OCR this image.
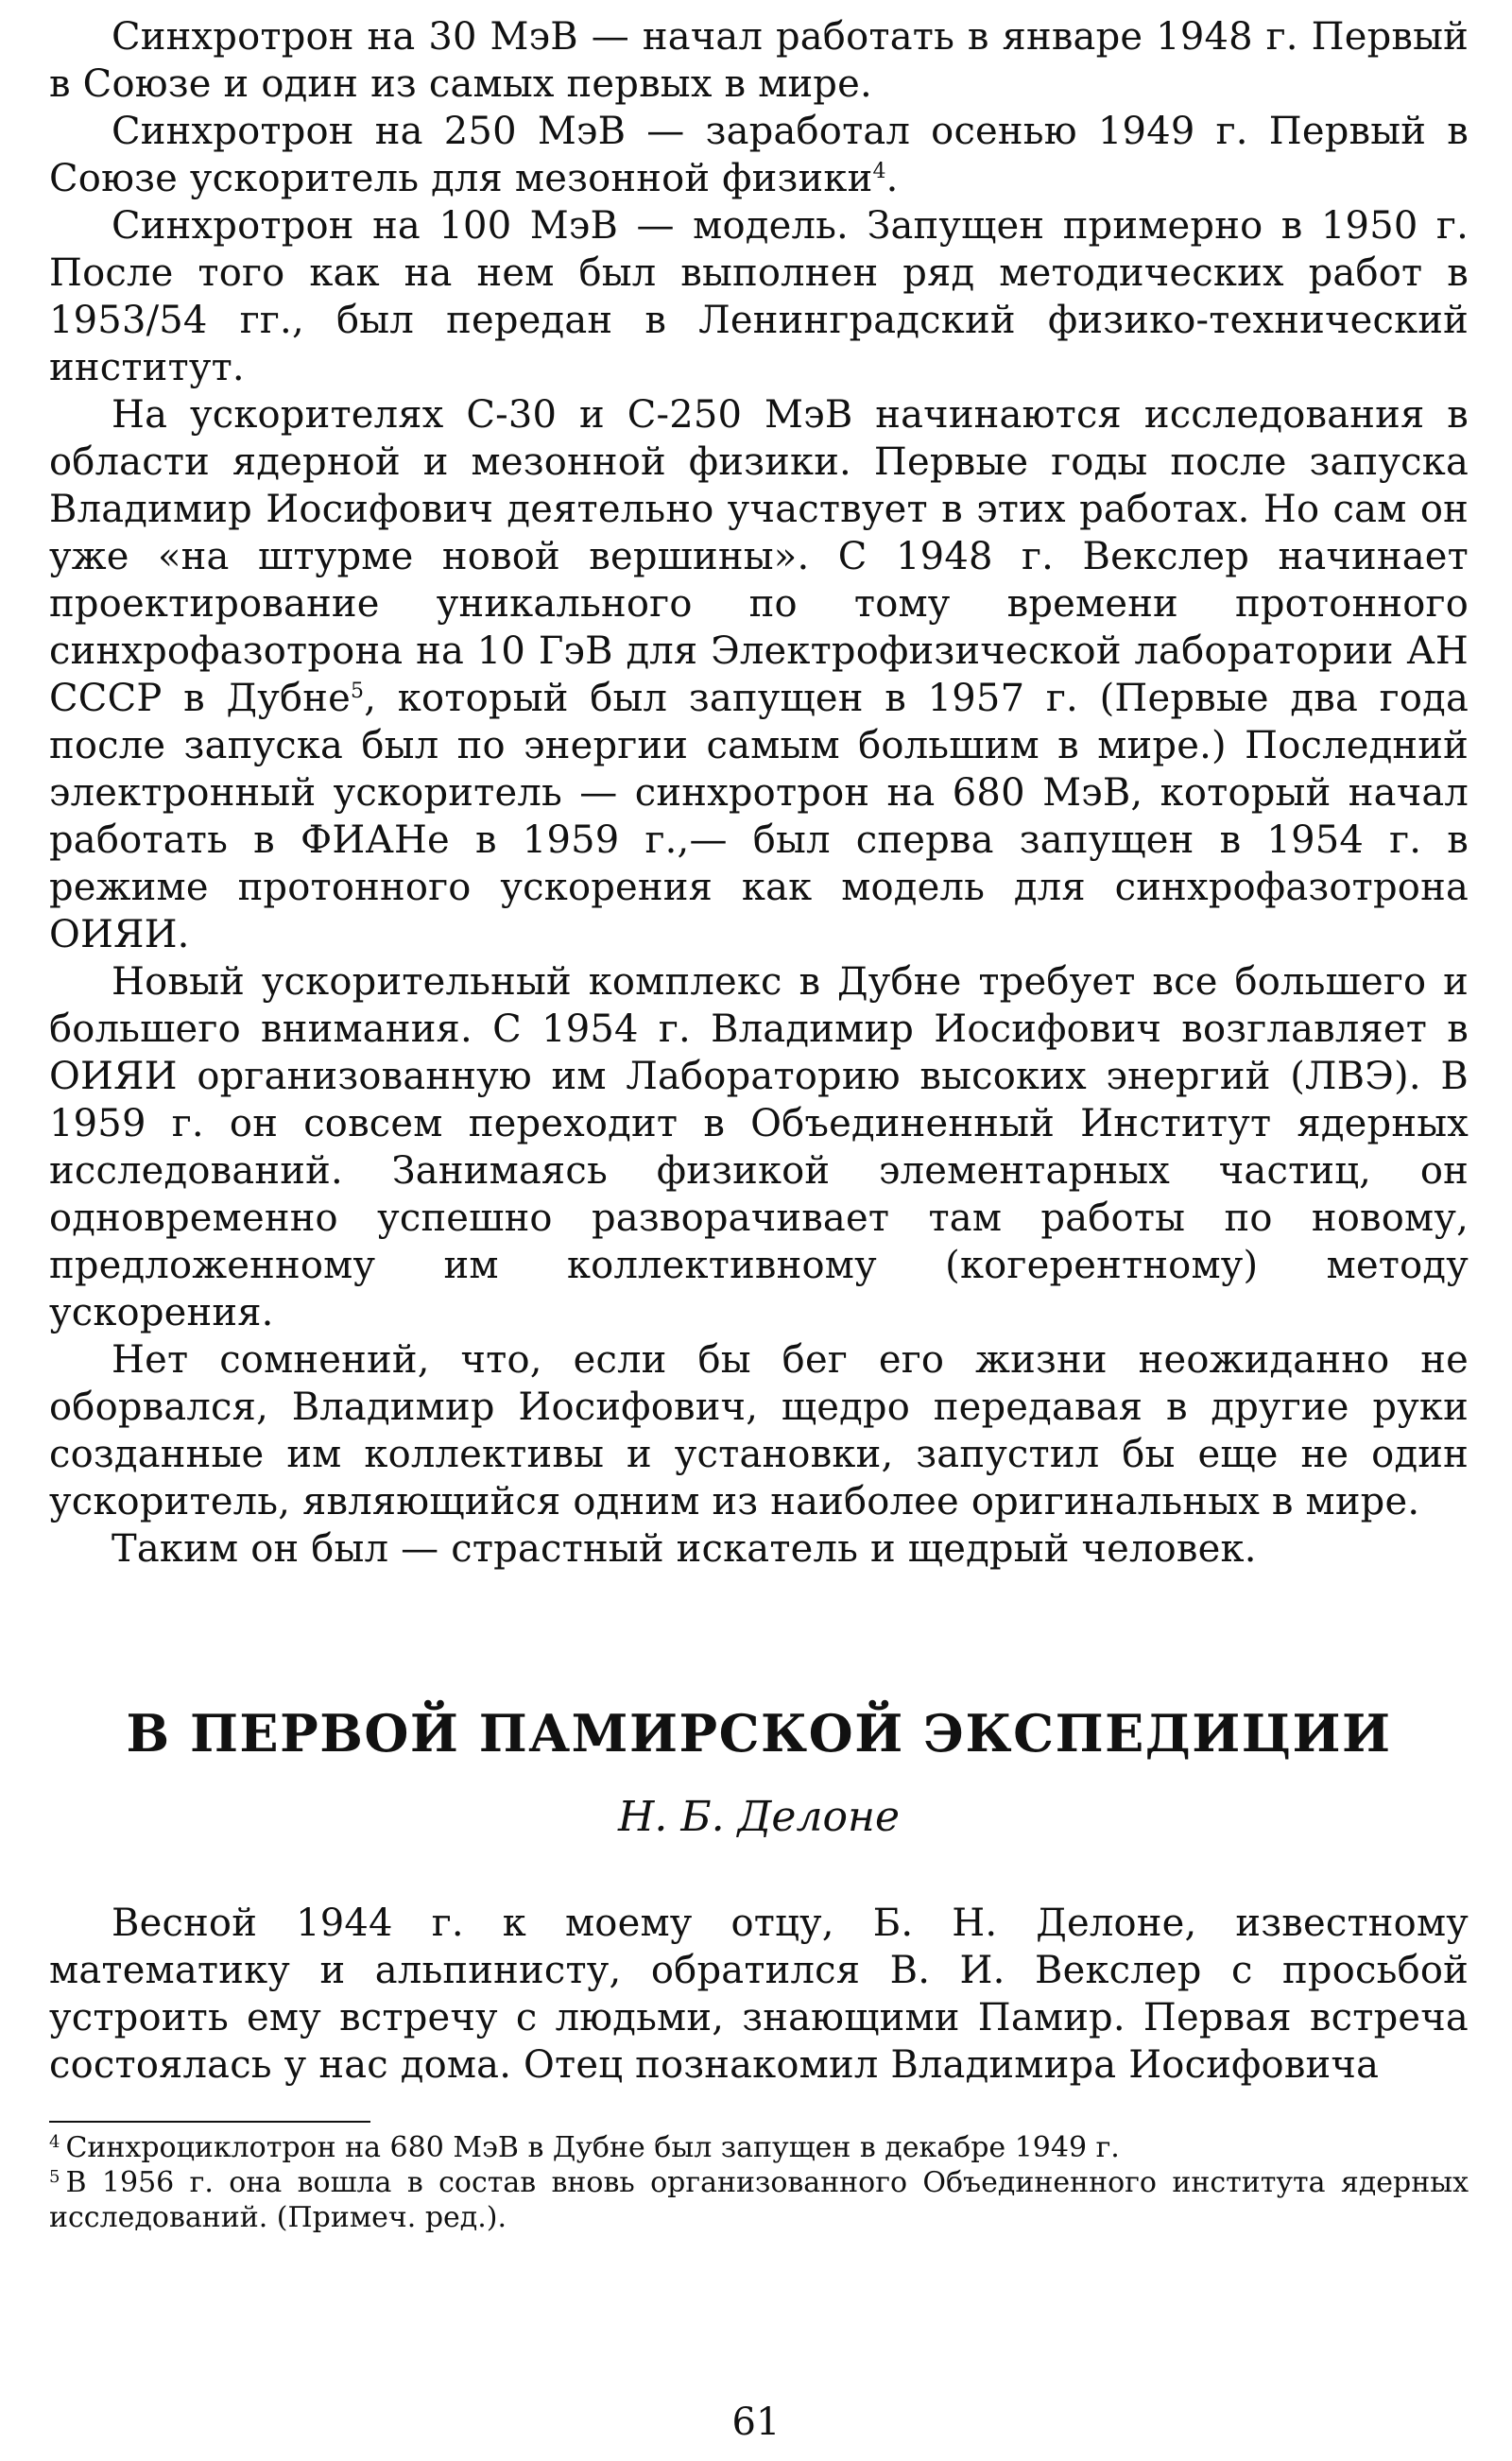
Синхротрон на 30 МэВ — начал работать в январе 1948 г. Первый в Союзе и один из самых первых в мире.

Синхротрон на 250 МэВ — заработал осенью 1949 г. Первый в Союзе ускоритель для мезонной физики$^4$.

Синхротрон на 100 МэВ — модель. Запущен примерно в 1950 г. После того как на нем был выполнен ряд методических работ в 1953/54 гг., был передан в Ленинградский физико-технический институт.

На ускорителях С-30 и С-250 МэВ начинаются исследования в области ядерной и мезонной физики. Первые годы после запуска Владимир Иосифович деятельно участвует в этих работах. Но сам он уже «на штурме новой вершины». С 1948 г. Векслер начинает проектирование уникального по тому времени протонного синхрофазотрона на 10 ГэВ для Электрофизической лаборатории АН СССР в Дубне$^5$, который был запущен в 1957 г. (Первые два года после запуска был по энергии самым большим в мире.) Последний электронный ускоритель — синхротрон на 680 МэВ, который начал работать в ФИАНе в 1959 г.,— был сперва запущен в 1954 г. в режиме протонного ускорения как модель для синхрофазотрона ОИЯИ.

Новый ускорительный комплекс в Дубне требует все большего и большего внимания. С 1954 г. Владимир Иосифович возглавляет в ОИЯИ организованную им Лабораторию высоких энергий (ЛВЭ). В 1959 г. он совсем переходит в Объединенный Институт ядерных исследований. Занимаясь физикой элементарных частиц, он одновременно успешно разворачивает там работы по новому, предложенному им коллективному (когерентному) методу ускорения.

Нет сомнений, что, если бы бег его жизни неожиданно не оборвался, Владимир Иосифович, щедро передавая в другие руки созданные им коллективы и установки, запустил бы еще не один ускоритель, являющийся одним из наиболее оригинальных в мире.

Таким он был — страстный искатель и щедрый человек.

В ПЕРВОЙ ПАМИРСКОЙ ЭКСПЕДИЦИИ
Н. Б. Делоне

Весной 1944 г. к моему отцу, Б. Н. Делоне, известному математику и альпинисту, обратился В. И. Векслер с просьбой устроить ему встречу с людьми, знающими Памир. Первая встреча состоялась у нас дома. Отец познакомил Владимира Иосифовича

$^4$ Синхроциклотрон на 680 МэВ в Дубне был запущен в декабре 1949 г.

$^5$ В 1956 г. она вошла в состав вновь организованного Объединенного института ядерных исследований. (Примеч. ред.).

61
